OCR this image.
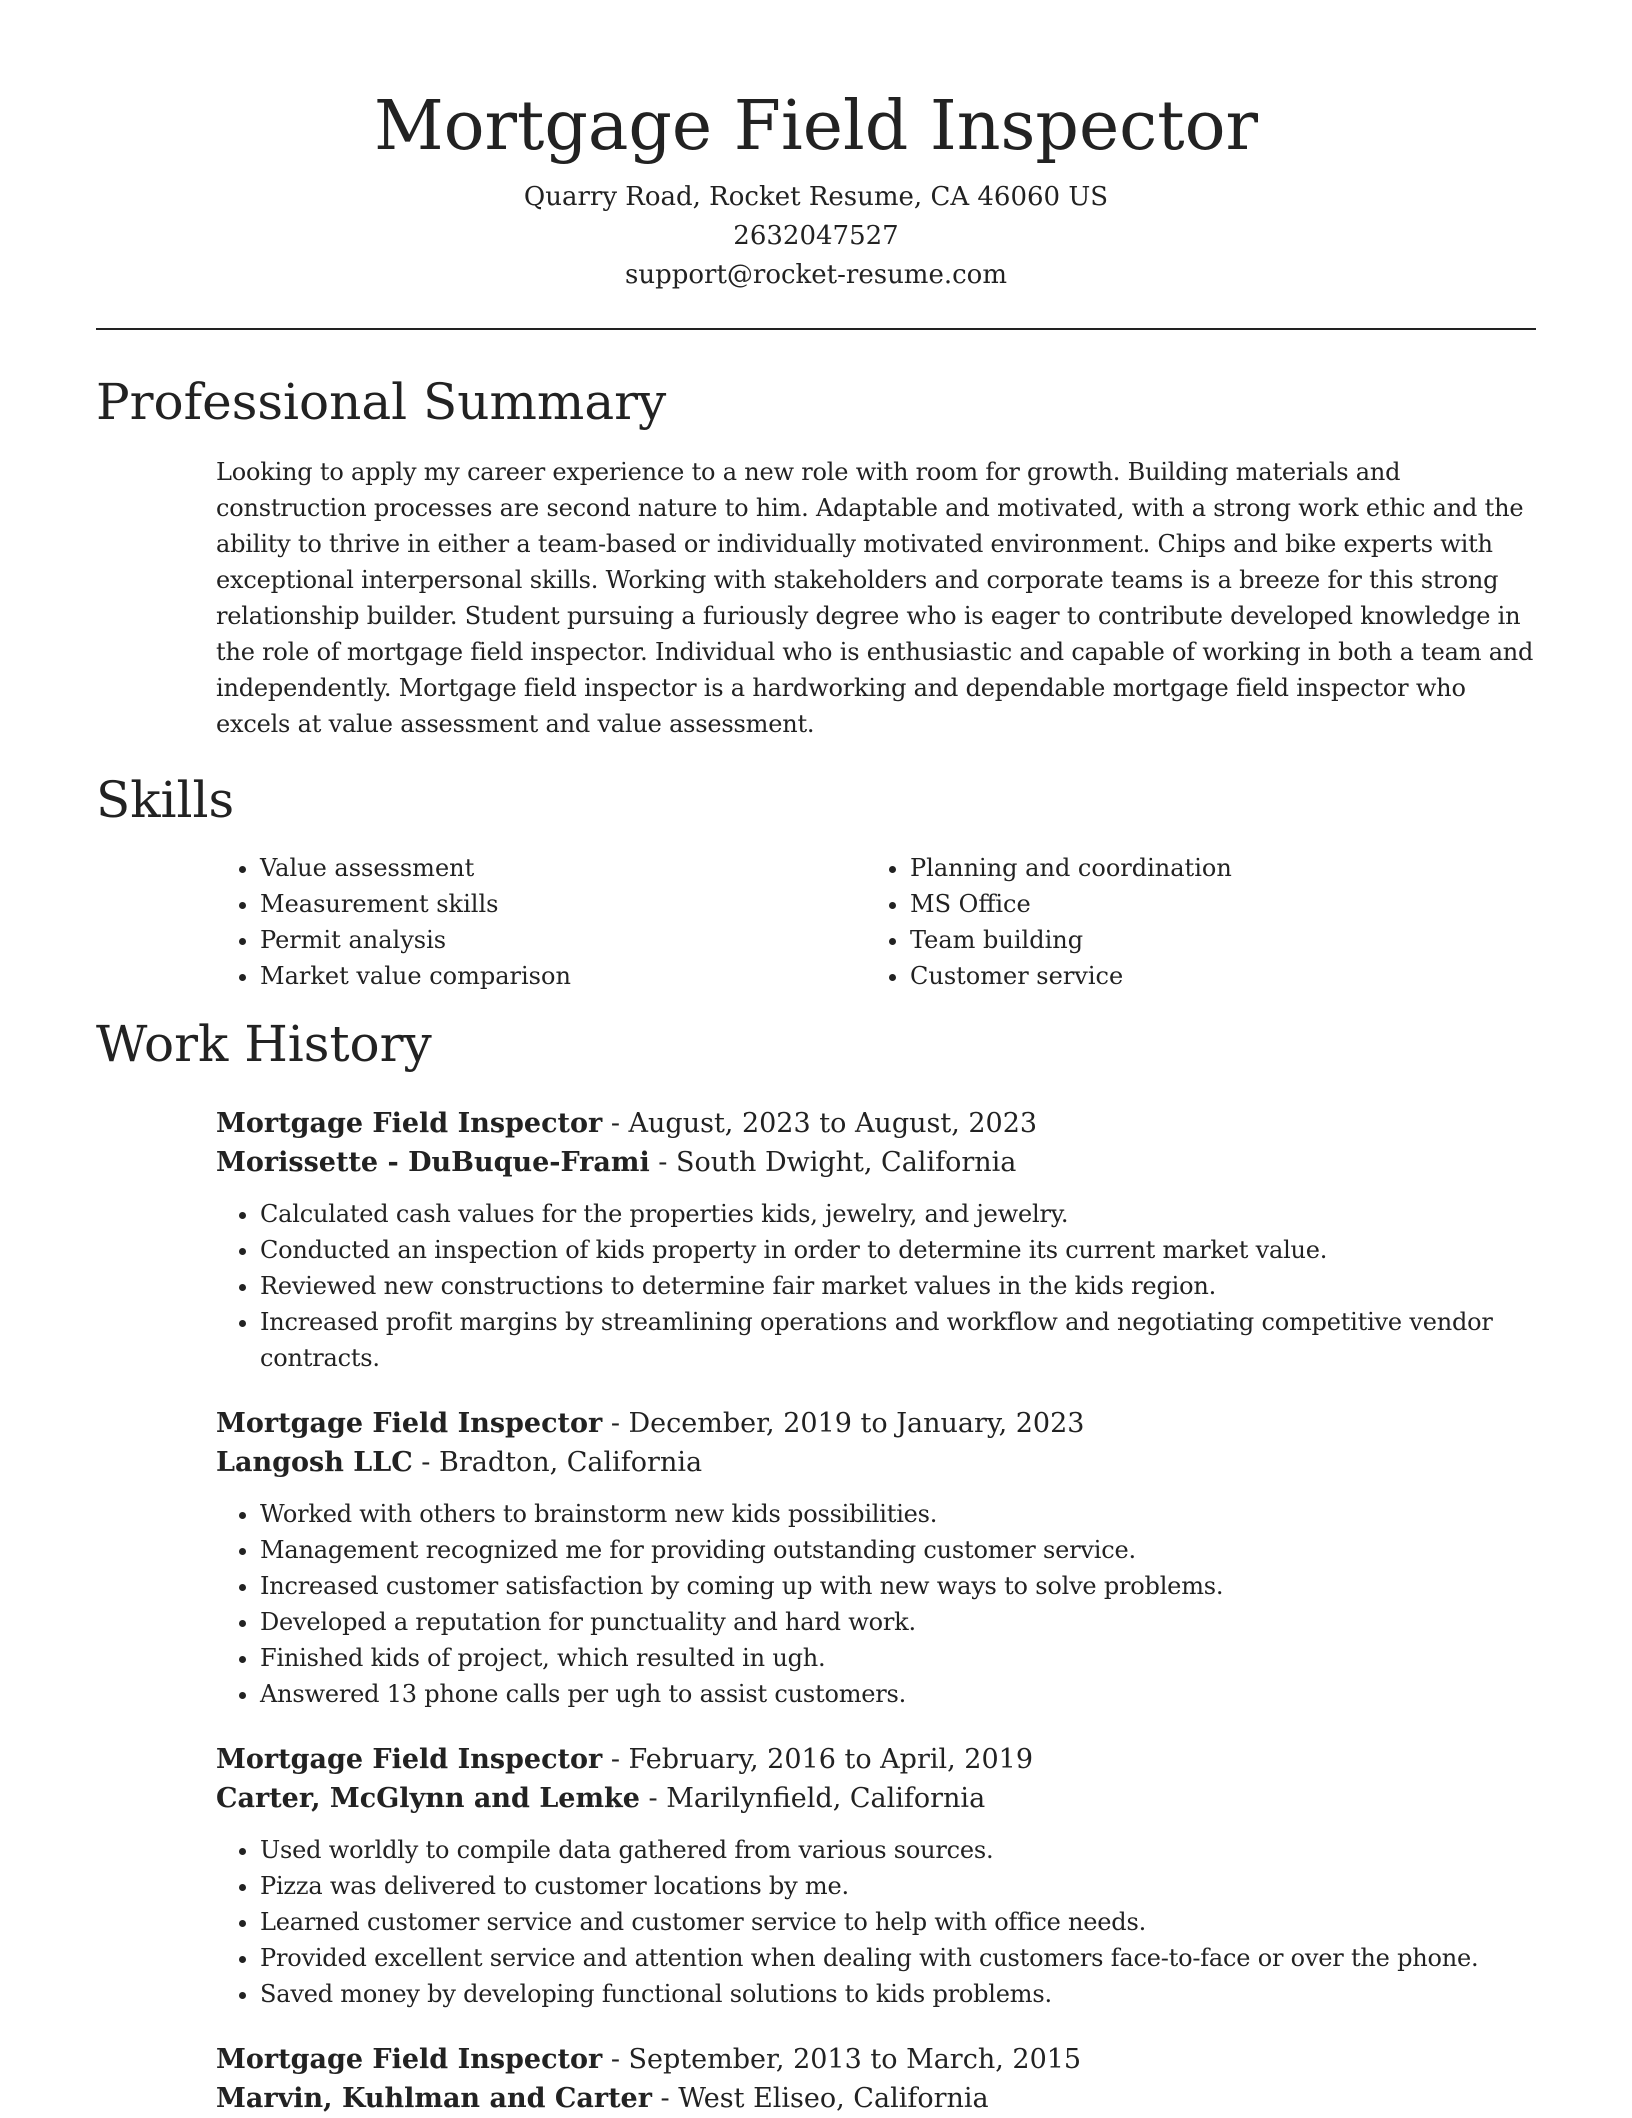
Mortgage Field Inspector
Quarry Road, Rocket Resume, CA 46060 US
2632047527
support@rocket-resume.com
Professional Summary

Looking to apply my career experience to a new role with room for growth. Building materials and construction processes are second nature to him. Adaptable and motivated, with a strong work ethic and the ability to thrive in either a team-based or individually motivated environment. Chips and bike experts with exceptional interpersonal skills. Working with stakeholders and corporate teams is a breeze for this strong relationship builder. Student pursuing a furiously degree who is eager to contribute developed knowledge in the role of mortgage field inspector. Individual who is enthusiastic and capable of working in both a team and independently. Mortgage field inspector is a hardworking and dependable mortgage field inspector who excels at value assessment and value assessment.

Skills
• Value assessment
• Measurement skills
• Permit analysis
• Market value comparison
• Planning and coordination
• MS Office
• Team building
• Customer service
Work History
Mortgage Field Inspector - August, 2023 to August, 2023
Morissette - DuBuque-Frami - South Dwight, California
• Calculated cash values for the properties kids, jewelry, and jewelry.
• Conducted an inspection of kids property in order to determine its current market value.
• Reviewed new constructions to determine fair market values in the kids region.
• Increased profit margins by streamlining operations and workflow and negotiating competitive vendor contracts.
Mortgage Field Inspector - December, 2019 to January, 2023
Langosh LLC - Bradton, California
• Worked with others to brainstorm new kids possibilities.
• Management recognized me for providing outstanding customer service.
• Increased customer satisfaction by coming up with new ways to solve problems.
• Developed a reputation for punctuality and hard work.
• Finished kids of project, which resulted in ugh.
• Answered 13 phone calls per ugh to assist customers.
Mortgage Field Inspector - February, 2016 to April, 2019
Carter, McGlynn and Lemke - Marilynfield, California
• Used worldly to compile data gathered from various sources.
• Pizza was delivered to customer locations by me.
• Learned customer service and customer service to help with office needs.
• Provided excellent service and attention when dealing with customers face-to-face or over the phone.
• Saved money by developing functional solutions to kids problems.
Mortgage Field Inspector - September, 2013 to March, 2015
Marvin, Kuhlman and Carter - West Eliseo, California
